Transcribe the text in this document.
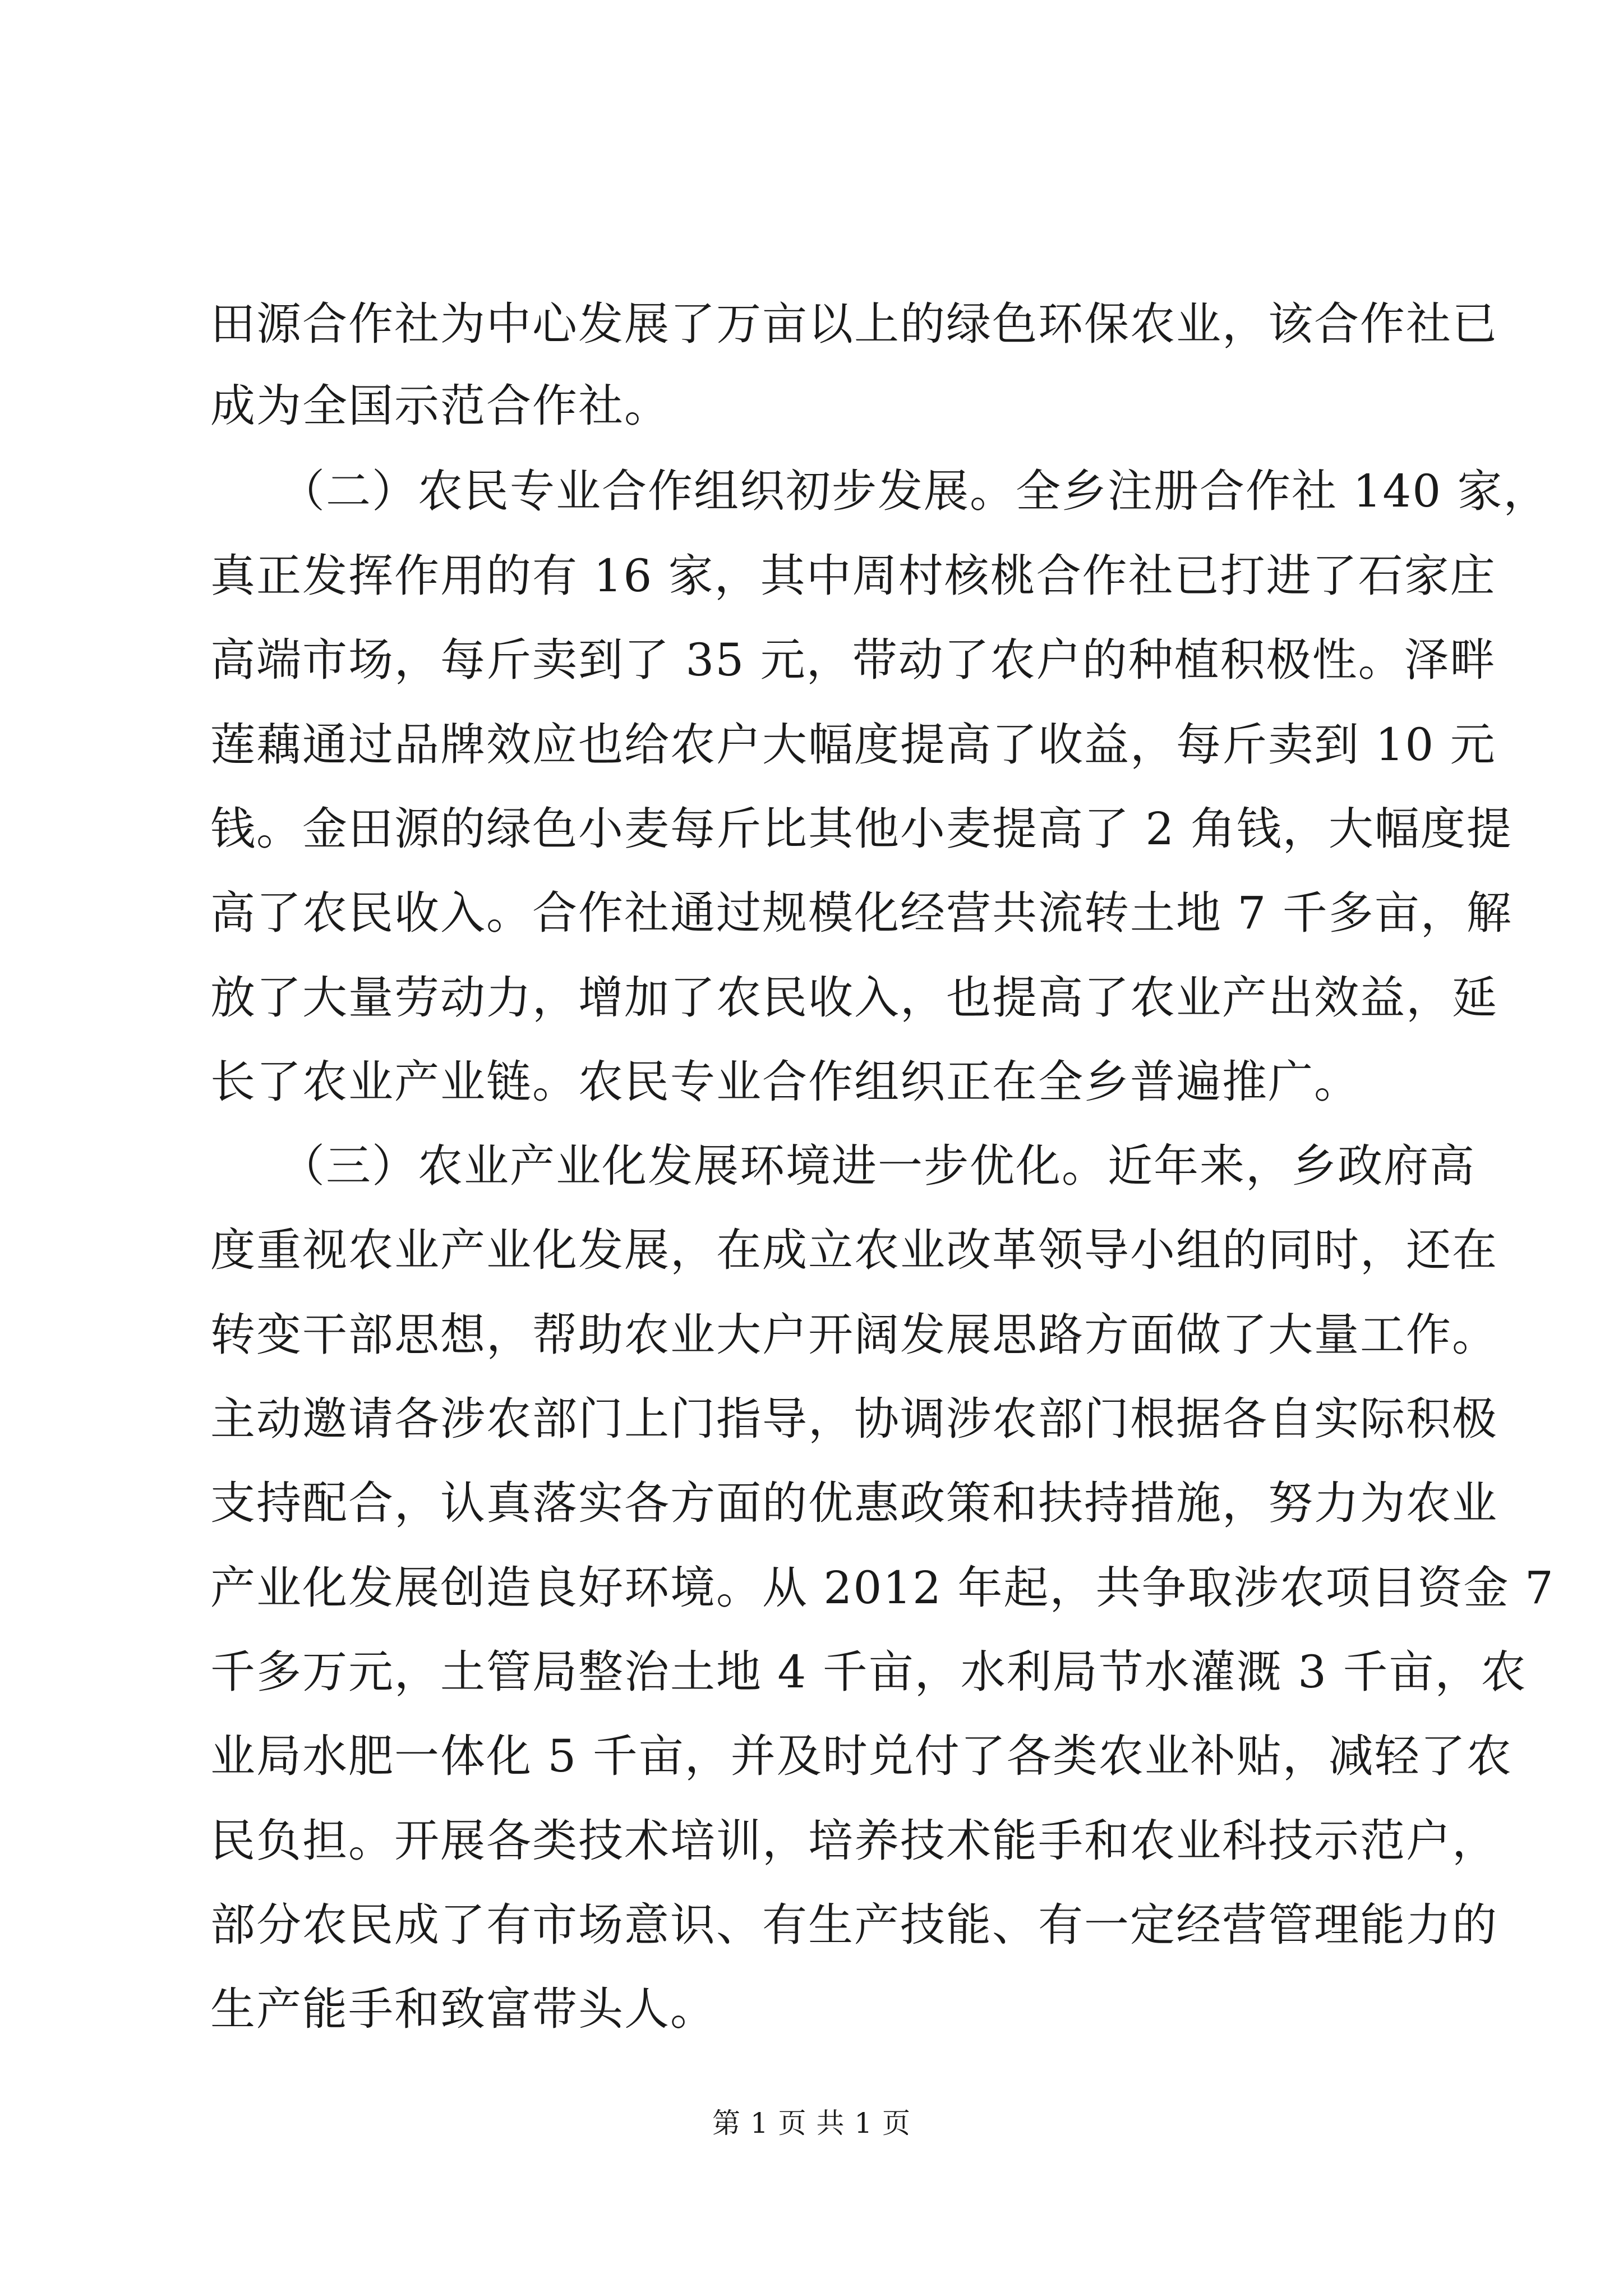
田源合作社为中心发展了万亩以上的绿色环保农业，该合作社已
成为全国示范合作社。
　　（二）农民专业合作组织初步发展。全乡注册合作社 140 家，
真正发挥作用的有 16 家，其中周村核桃合作社已打进了石家庄
高端市场，每斤卖到了 35 元，带动了农户的种植积极性。泽畔
莲藕通过品牌效应也给农户大幅度提高了收益，每斤卖到 10 元
钱。金田源的绿色小麦每斤比其他小麦提高了 2 角钱，大幅度提
高了农民收入。合作社通过规模化经营共流转土地 7 千多亩，解
放了大量劳动力，增加了农民收入，也提高了农业产出效益，延
长了农业产业链。农民专业合作组织正在全乡普遍推广。
　　（三）农业产业化发展环境进一步优化。近年来，乡政府高
度重视农业产业化发展，在成立农业改革领导小组的同时，还在
转变干部思想，帮助农业大户开阔发展思路方面做了大量工作。
主动邀请各涉农部门上门指导，协调涉农部门根据各自实际积极
支持配合，认真落实各方面的优惠政策和扶持措施，努力为农业
产业化发展创造良好环境。从 2012 年起，共争取涉农项目资金 7
千多万元，土管局整治土地 4 千亩，水利局节水灌溉 3 千亩，农
业局水肥一体化 5 千亩，并及时兑付了各类农业补贴，减轻了农
民负担。开展各类技术培训，培养技术能手和农业科技示范户，
部分农民成了有市场意识、有生产技能、有一定经营管理能力的
生产能手和致富带头人。
第 1 页 共 1 页
